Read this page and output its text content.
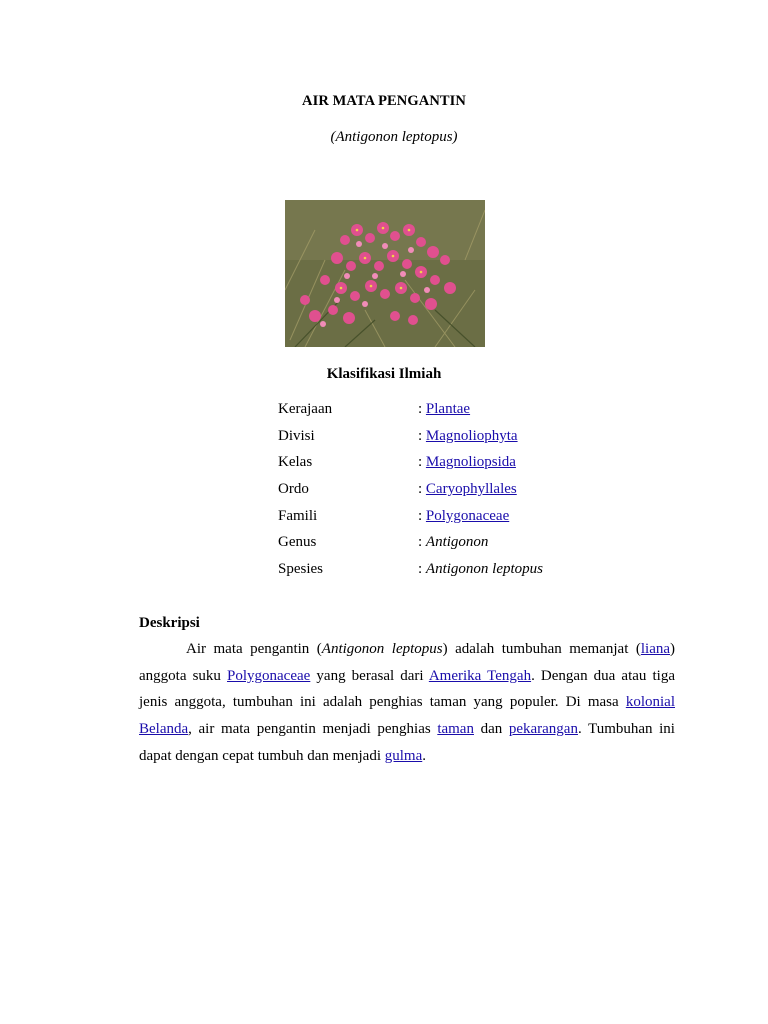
AIR MATA PENGANTIN
(Antigonon leptopus)
Klasifikasi Ilmiah
Kerajaan	: Plantae
Divisi	: Magnoliophyta
Kelas	: Magnoliopsida
Ordo	: Caryophyllales
Famili	: Polygonaceae
Genus	: Antigonon
Spesies	: Antigonon leptopus
Deskripsi
Air mata pengantin (Antigonon leptopus) adalah tumbuhan memanjat (liana)
anggota suku Polygonaceae yang berasal dari Amerika Tengah. Dengan dua atau tiga
jenis anggota, tumbuhan ini adalah penghias taman yang populer. Di masa kolonial
Belanda, air mata pengantin menjadi penghias taman dan pekarangan. Tumbuhan ini
dapat dengan cepat tumbuh dan menjadi gulma.
